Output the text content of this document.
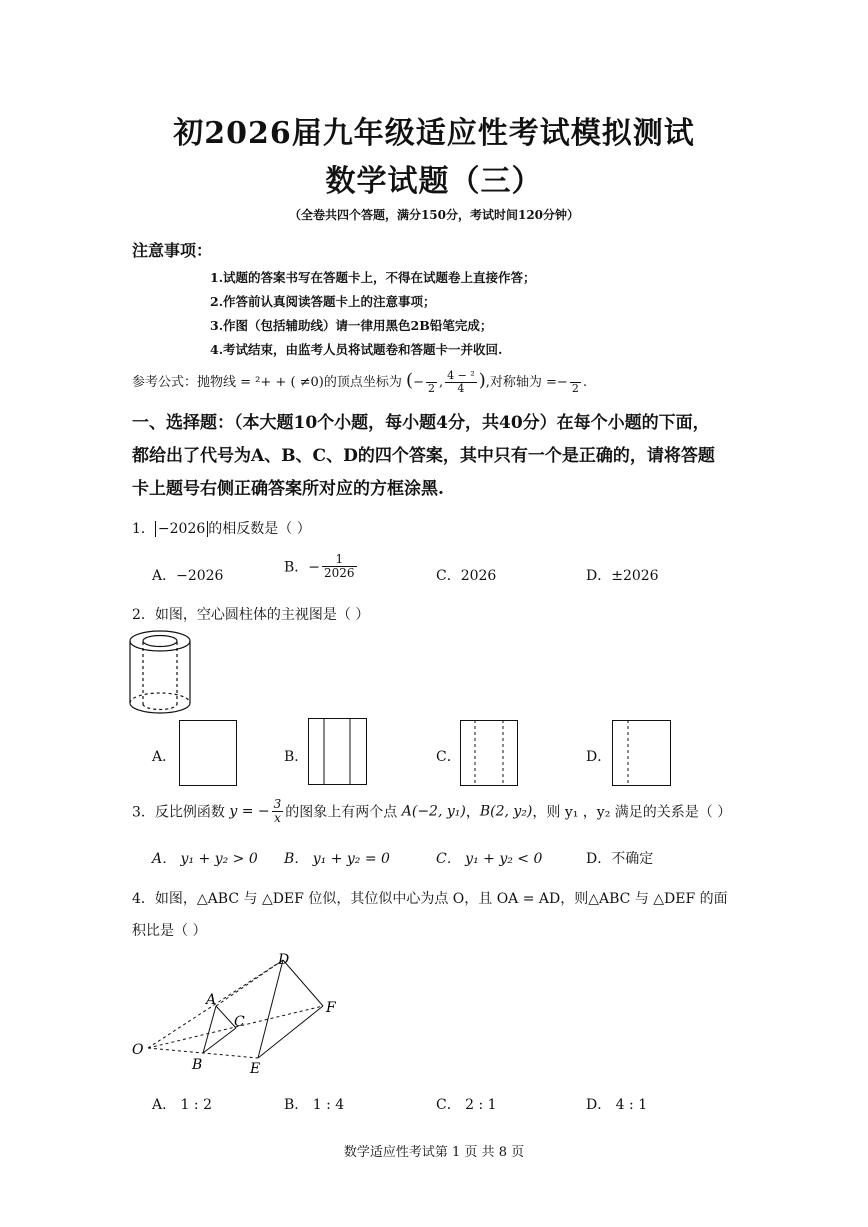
初2026届九年级适应性考试模拟测试
数学试题（三）
（全卷共四个答题，满分150分，考试时间120分钟）
注意事项：
1.试题的答案书写在答题卡上，不得在试题卷上直接作答；
2.作答前认真阅读答题卡上的注意事项；
3.作图（包括辅助线）请一律用黑色2B铅笔完成；
4.考试结束，由监考人员将试题卷和答题卡一并收回.
参考公式：抛物线 = ²+ + ( ≠0)的顶点坐标为 (−
2 , $\frac{\text{4 − ²}}{4}$ ),对称轴为 =−
2 .
一、选择题：（本大题10个小题，每小题4分，共40分）在每个小题的下面，
都给出了代号为A、B、C、D的四个答案，其中只有一个是正确的，请将答题
卡上题号右侧正确答案所对应的方框涂黑.
1． −2026 的相反数是（ ）
A．−2026
B．− $\frac{1}{2026}$	C．2026	D．±2026
2．如图，空心圆柱体的主视图是（ ）
A．	B．	C．	D．
3．反比例函数 y = − $\frac{3}{x}$ 的图象上有两个点 A(−2, y₁)，B(2, y₂)，则 y₁ ，y₂ 满足的关系是（ ）
A． y₁ + y₂ > 0 B． y₁ + y₂ = 0	C． y₁ + y₂ < 0	D．不确定
4．如图，△ABC 与 △DEF 位似，其位似中心为点 O，且 OA = AD，则△ABC 与 △DEF 的面
积比是（ ）
O
A
B
C
D
E
F
A． 1 : 2	B． 1 : 4	C． 2 : 1	D． 4 : 1
数学适应性考试第 1 页 共 8 页
